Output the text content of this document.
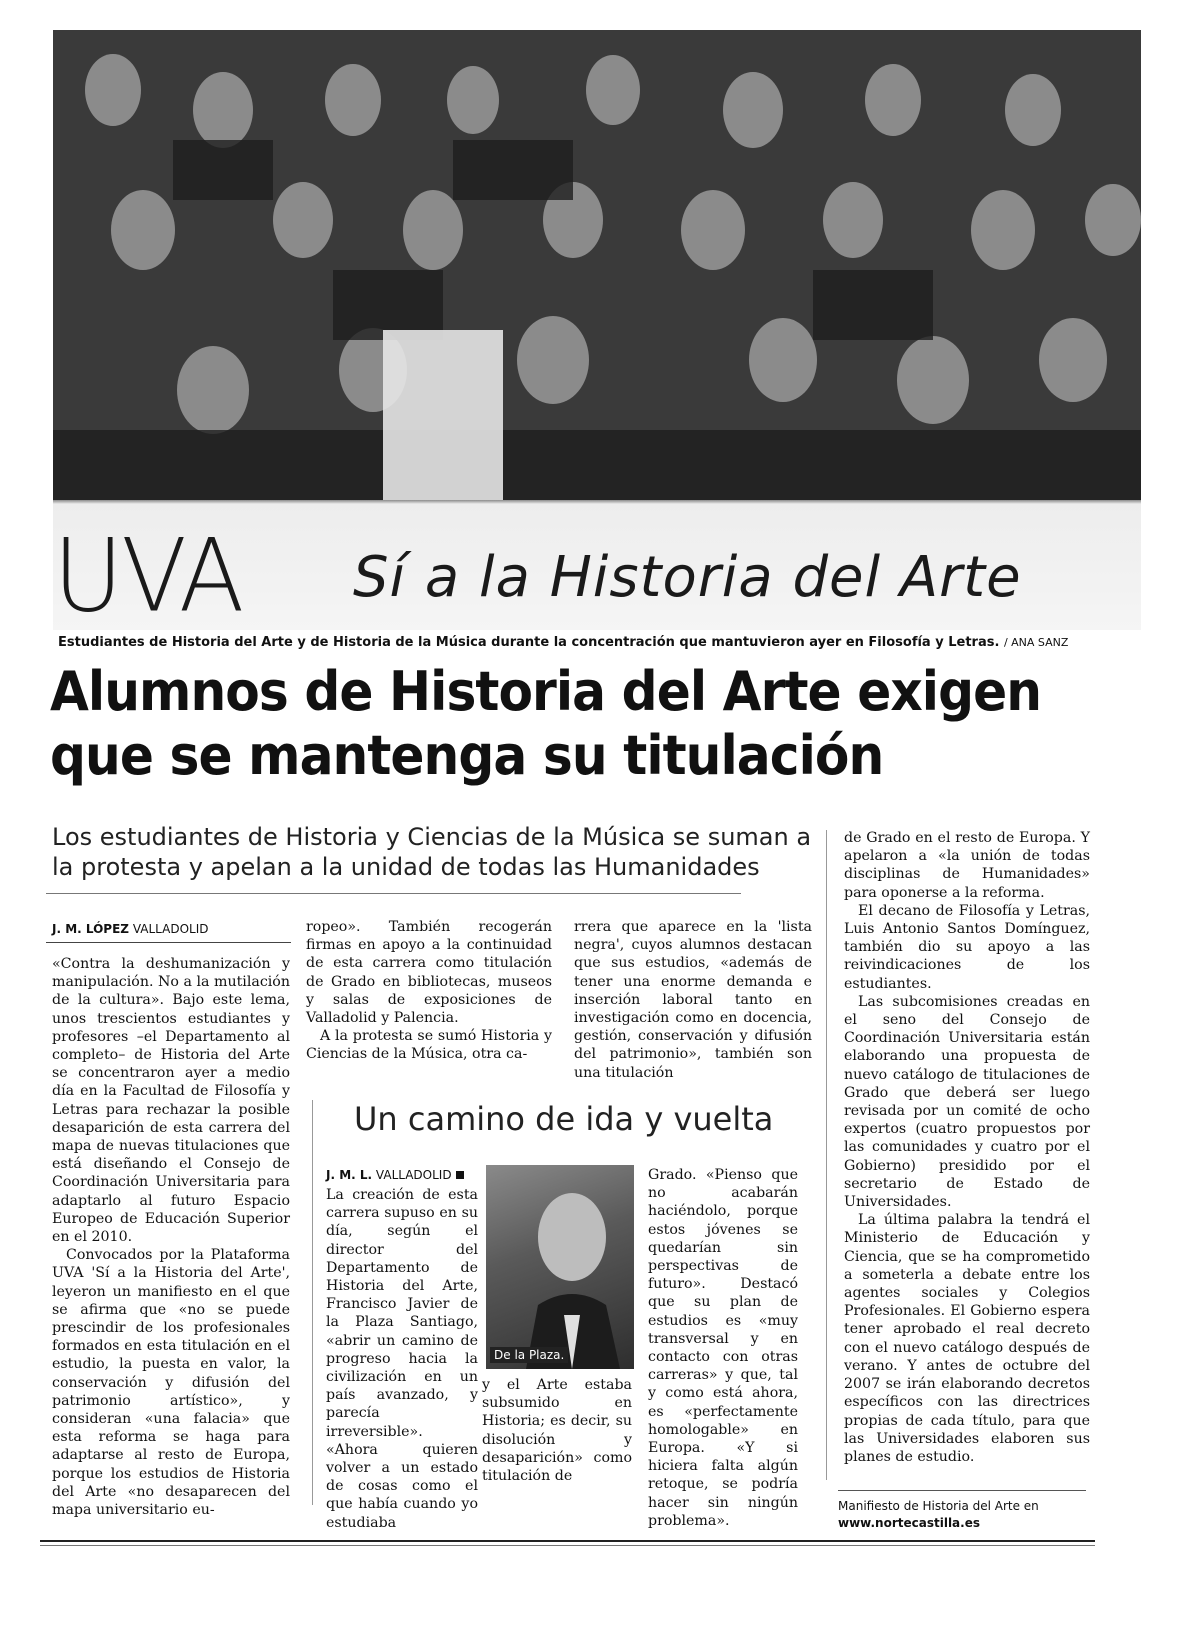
UVA Sí a la Historia del Arte
Estudiantes de Historia del Arte y de Historia de la Música durante la concentración que mantuvieron ayer en Filosofía y Letras. / ANA SANZ
Alumnos de Historia del Arte exigen que se mantenga su titulación
Los estudiantes de Historia y Ciencias de la Música se suman a la protesta y apelan a la unidad de todas las Humanidades
J. M. LÓPEZ VALLADOLID

«Contra la deshumanización y manipulación. No a la mutilación de la cultura». Bajo este lema, unos trescientos estudiantes y profesores –el Departamento al completo– de Historia del Arte se concentraron ayer a medio día en la Facultad de Filosofía y Letras para rechazar la posible desaparición de esta carrera del mapa de nuevas titulaciones que está diseñando el Consejo de Coordinación Universitaria para adaptarlo al futuro Espacio Europeo de Educación Superior en el 2010.

Convocados por la Plataforma UVA 'Sí a la Historia del Arte', leyeron un manifiesto en el que se afirma que «no se puede prescindir de los profesionales formados en esta titulación en el estudio, la puesta en valor, la conservación y difusión del patrimonio artístico», y consideran «una falacia» que esta reforma se haga para adaptarse al resto de Europa, porque los estudios de Historia del Arte «no desaparecen del mapa universitario eu-

ropeo». También recogerán firmas en apoyo a la continuidad de esta carrera como titulación de Grado en bibliotecas, museos y salas de exposiciones de Valladolid y Palencia.

A la protesta se sumó Historia y Ciencias de la Música, otra ca-

rrera que aparece en la 'lista negra', cuyos alumnos destacan que sus estudios, «además de tener una enorme demanda e inserción laboral tanto en investigación como en docencia, gestión, conservación y difusión del patrimonio», también son una titulación

de Grado en el resto de Europa. Y apelaron a «la unión de todas disciplinas de Humanidades» para oponerse a la reforma.

El decano de Filosofía y Letras, Luis Antonio Santos Domínguez, también dio su apoyo a las reivindicaciones de los estudiantes.

Las subcomisiones creadas en el seno del Consejo de Coordinación Universitaria están elaborando una propuesta de nuevo catálogo de titulaciones de Grado que deberá ser luego revisada por un comité de ocho expertos (cuatro propuestos por las comunidades y cuatro por el Gobierno) presidido por el secretario de Estado de Universidades.

La última palabra la tendrá el Ministerio de Educación y Ciencia, que se ha comprometido a someterla a debate entre los agentes sociales y Colegios Profesionales. El Gobierno espera tener aprobado el real decreto con el nuevo catálogo después de verano. Y antes de octubre del 2007 se irán elaborando decretos específicos con las directrices propias de cada título, para que las Universidades elaboren sus planes de estudio.

Un camino de ida y vuelta
J. M. L. VALLADOLID

La creación de esta carrera supuso en su día, según el director del Departamento de Historia del Arte, Francisco Javier de la Plaza Santiago, «abrir un camino de progreso hacia la civilización en un país avanzado, y parecía irreversible». «Ahora quieren volver a un estado de cosas como el que había cuando yo estudiaba

De la Plaza.

y el Arte estaba subsumido en Historia; es decir, su disolución y desaparición» como titulación de

Grado. «Pienso que no acabarán haciéndolo, porque estos jóvenes se quedarían sin perspectivas de futuro». Destacó que su plan de estudios es «muy transversal y en contacto con otras carreras» y que, tal y como está ahora, es «perfectamente homologable» en Europa. «Y si hiciera falta algún retoque, se podría hacer sin ningún problema».

Manifiesto de Historia del Arte en
www.nortecastilla.es
